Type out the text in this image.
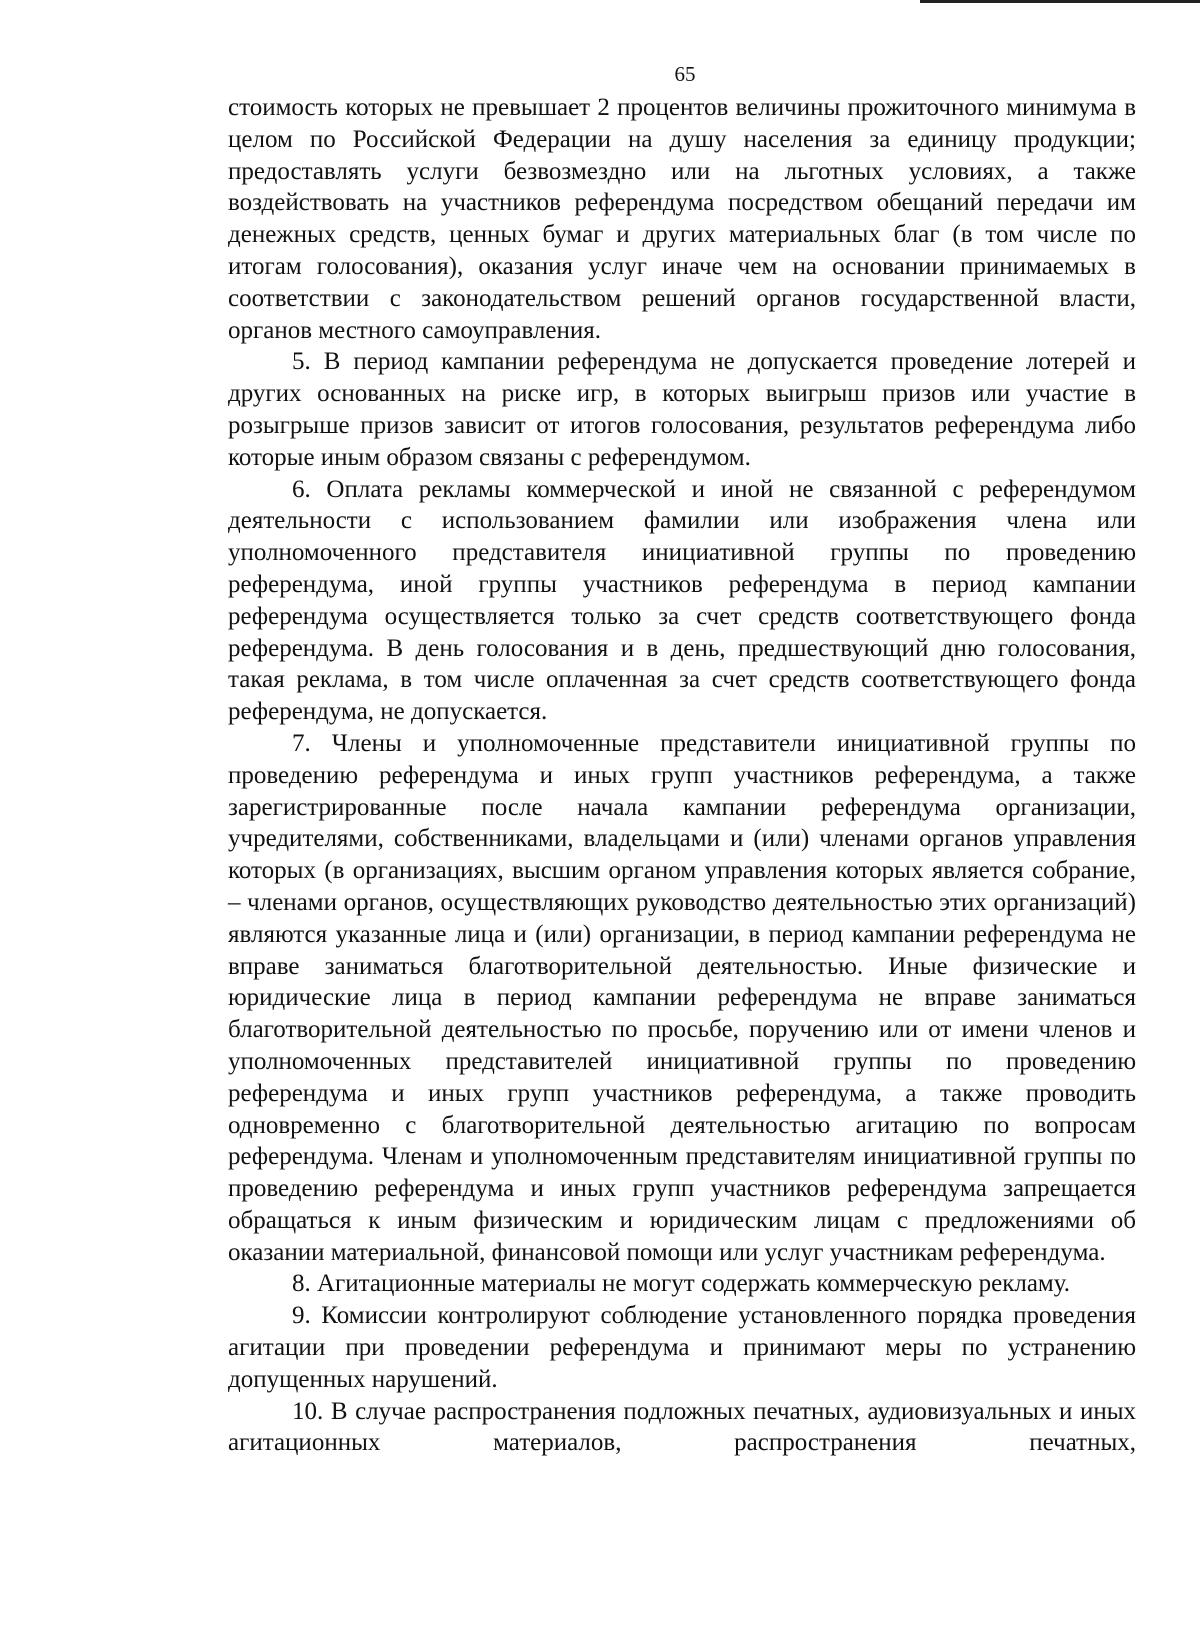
65

стоимость которых не превышает 2 процентов величины прожиточного минимума в целом по Российской Федерации на душу населения за единицу продукции; предоставлять услуги безвозмездно или на льготных условиях, а также воздействовать на участников референдума посредством обещаний передачи им денежных средств, ценных бумаг и других материальных благ (в том числе по итогам голосования), оказания услуг иначе чем на основании принимаемых в соответствии с законодательством решений органов государственной власти, органов местного самоуправления.

5. В период кампании референдума не допускается проведение лотерей и других основанных на риске игр, в которых выигрыш призов или участие в розыгрыше призов зависит от итогов голосования, результатов референдума либо которые иным образом связаны с референдумом.

6. Оплата рекламы коммерческой и иной не связанной с референдумом деятельности с использованием фамилии или изображения члена или уполномоченного представителя инициативной группы по проведению референдума, иной группы участников референдума в период кампании референдума осуществляется только за счет средств соответствующего фонда референдума. В день голосования и в день, предшествующий дню голосования, такая реклама, в том числе оплаченная за счет средств соответствующего фонда референдума, не допускается.

7. Члены и уполномоченные представители инициативной группы по проведению референдума и иных групп участников референдума, а также зарегистрированные после начала кампании референдума организации, учредителями, собственниками, владельцами и (или) членами органов управления которых (в организациях, высшим органом управления которых является собрание, – членами органов, осуществляющих руководство деятельностью этих организаций) являются указанные лица и (или) организации, в период кампании референдума не вправе заниматься благотворительной деятельностью. Иные физические и юридические лица в период кампании референдума не вправе заниматься благотворительной деятельностью по просьбе, поручению или от имени членов и уполномоченных представителей инициативной группы по проведению референдума и иных групп участников референдума, а также проводить одновременно с благотворительной деятельностью агитацию по вопросам референдума. Членам и уполномоченным представителям инициативной группы по проведению референдума и иных групп участников референдума запрещается обращаться к иным физическим и юридическим лицам с предложениями об оказании материальной, финансовой помощи или услуг участникам референдума.

8. Агитационные материалы не могут содержать коммерческую рекламу.

9. Комиссии контролируют соблюдение установленного порядка проведения агитации при проведении референдума и принимают меры по устранению допущенных нарушений.

10. В случае распространения подложных печатных, аудиовизуальных и иных агитационных материалов, распространения печатных,
